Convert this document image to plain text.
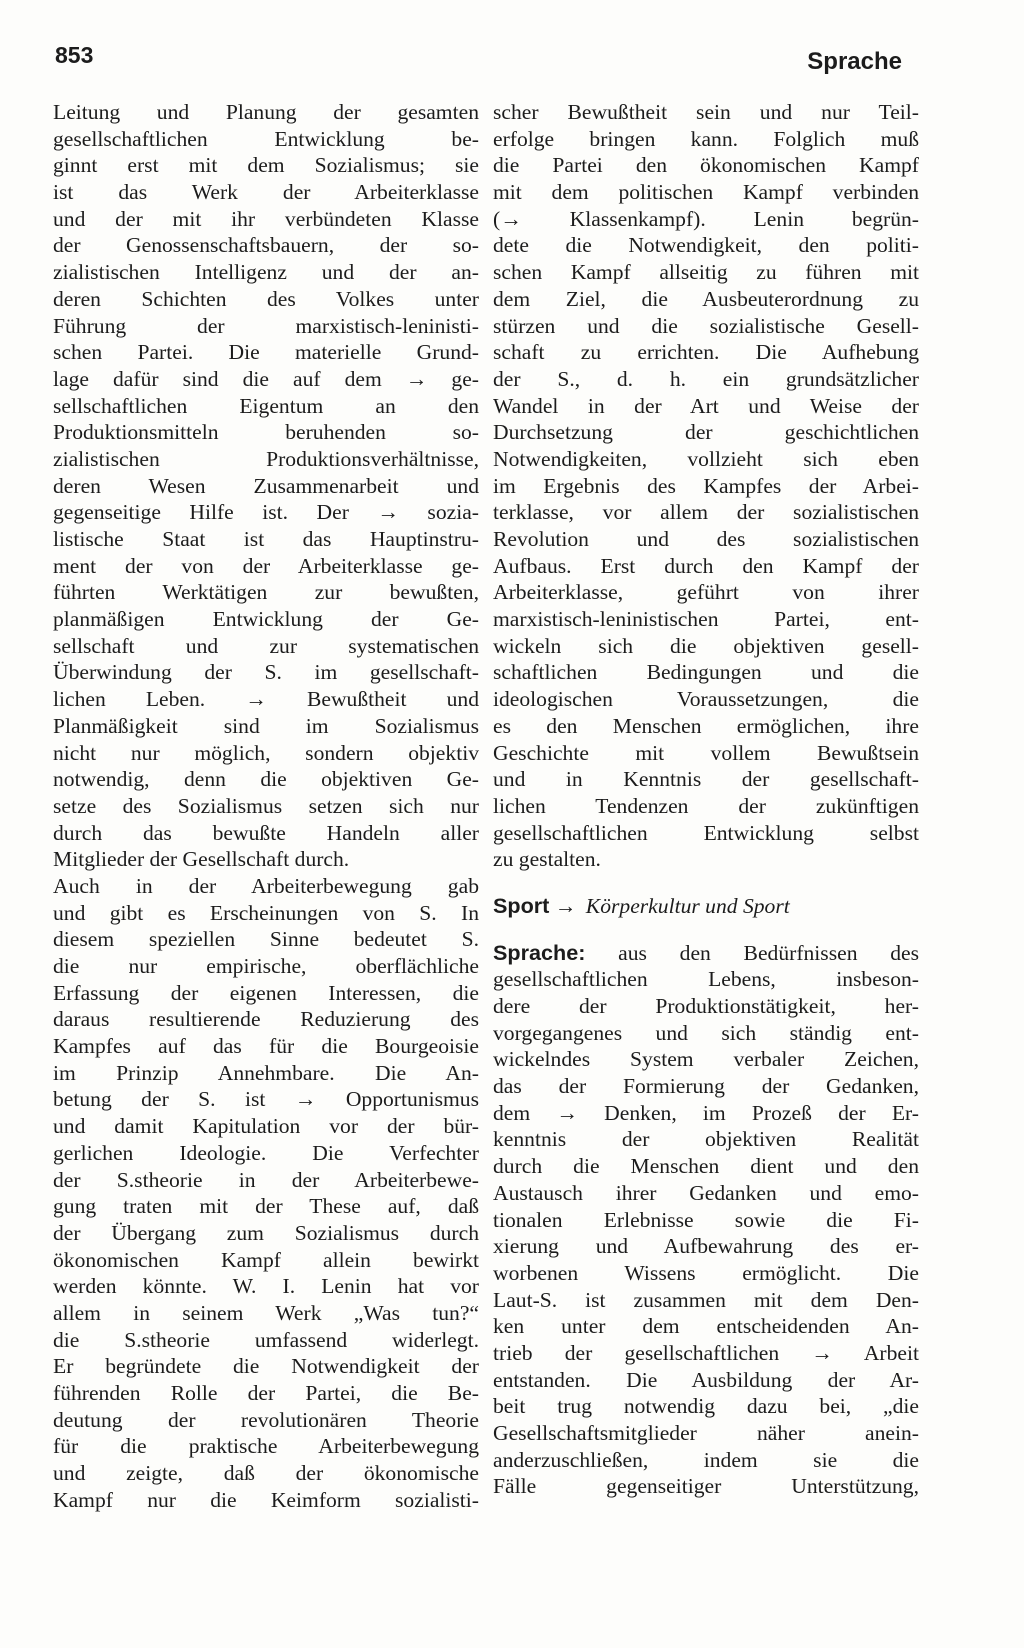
853	Sprache
Leitung und Planung der gesamten
gesellschaftlichen Entwicklung be-
ginnt erst mit dem Sozialismus; sie
ist das Werk der Arbeiterklasse
und der mit ihr verbündeten Klasse
der Genossenschaftsbauern, der so-
zialistischen Intelligenz und der an-
deren Schichten des Volkes unter
Führung der marxistisch-leninisti-
schen Partei. Die materielle Grund-
lage dafür sind die auf dem → ge-
sellschaftlichen Eigentum an den
Produktionsmitteln beruhenden so-
zialistischen Produktionsverhältnisse,
deren Wesen Zusammenarbeit und
gegenseitige Hilfe ist. Der → sozia-
listische Staat ist das Hauptinstru-
ment der von der Arbeiterklasse ge-
führten Werktätigen zur bewußten,
planmäßigen Entwicklung der Ge-
sellschaft und zur systematischen
Überwindung der S. im gesellschaft-
lichen Leben. → Bewußtheit und
Planmäßigkeit sind im Sozialismus
nicht nur möglich, sondern objektiv
notwendig, denn die objektiven Ge-
setze des Sozialismus setzen sich nur
durch das bewußte Handeln aller
Mitglieder der Gesellschaft durch.
Auch in der Arbeiterbewegung gab
und gibt es Erscheinungen von S. In
diesem speziellen Sinne bedeutet S.
die nur empirische, oberflächliche
Erfassung der eigenen Interessen, die
daraus resultierende Reduzierung des
Kampfes auf das für die Bourgeoisie
im Prinzip Annehmbare. Die An-
betung der S. ist → Opportunismus
und damit Kapitulation vor der bür-
gerlichen Ideologie. Die Verfechter
der S.stheorie in der Arbeiterbewe-
gung traten mit der These auf, daß
der Übergang zum Sozialismus durch
ökonomischen Kampf allein bewirkt
werden könnte. W. I. Lenin hat vor
allem in seinem Werk „Was tun?“
die S.stheorie umfassend widerlegt.
Er begründete die Notwendigkeit der
führenden Rolle der Partei, die Be-
deutung der revolutionären Theorie
für die praktische Arbeiterbewegung
und zeigte, daß der ökonomische
Kampf nur die Keimform sozialisti-
scher Bewußtheit sein und nur Teil-
erfolge bringen kann. Folglich muß
die Partei den ökonomischen Kampf
mit dem politischen Kampf verbinden
(→ Klassenkampf). Lenin begrün-
dete die Notwendigkeit, den politi-
schen Kampf allseitig zu führen mit
dem Ziel, die Ausbeuterordnung zu
stürzen und die sozialistische Gesell-
schaft zu errichten. Die Aufhebung
der S., d. h. ein grundsätzlicher
Wandel in der Art und Weise der
Durchsetzung der geschichtlichen
Notwendigkeiten, vollzieht sich eben
im Ergebnis des Kampfes der Arbei-
terklasse, vor allem der sozialistischen
Revolution und des sozialistischen
Aufbaus. Erst durch den Kampf der
Arbeiterklasse, geführt von ihrer
marxistisch-leninistischen Partei, ent-
wickeln sich die objektiven gesell-
schaftlichen Bedingungen und die
ideologischen Voraussetzungen, die
es den Menschen ermöglichen, ihre
Geschichte mit vollem Bewußtsein
und in Kenntnis der gesellschaft-
lichen Tendenzen der zukünftigen
gesellschaftlichen Entwicklung selbst
zu gestalten.
Sport → Körperkultur und Sport
Sprache: aus den Bedürfnissen des
gesellschaftlichen Lebens, insbeson-
dere der Produktionstätigkeit, her-
vorgegangenes und sich ständig ent-
wickelndes System verbaler Zeichen,
das der Formierung der Gedanken,
dem → Denken, im Prozeß der Er-
kenntnis der objektiven Realität
durch die Menschen dient und den
Austausch ihrer Gedanken und emo-
tionalen Erlebnisse sowie die Fi-
xierung und Aufbewahrung des er-
worbenen Wissens ermöglicht. Die
Laut-S. ist zusammen mit dem Den-
ken unter dem entscheidenden An-
trieb der gesellschaftlichen → Arbeit
entstanden. Die Ausbildung der Ar-
beit trug notwendig dazu bei, „die
Gesellschaftsmitglieder näher anein-
anderzuschließen, indem sie die
Fälle gegenseitiger Unterstützung,
